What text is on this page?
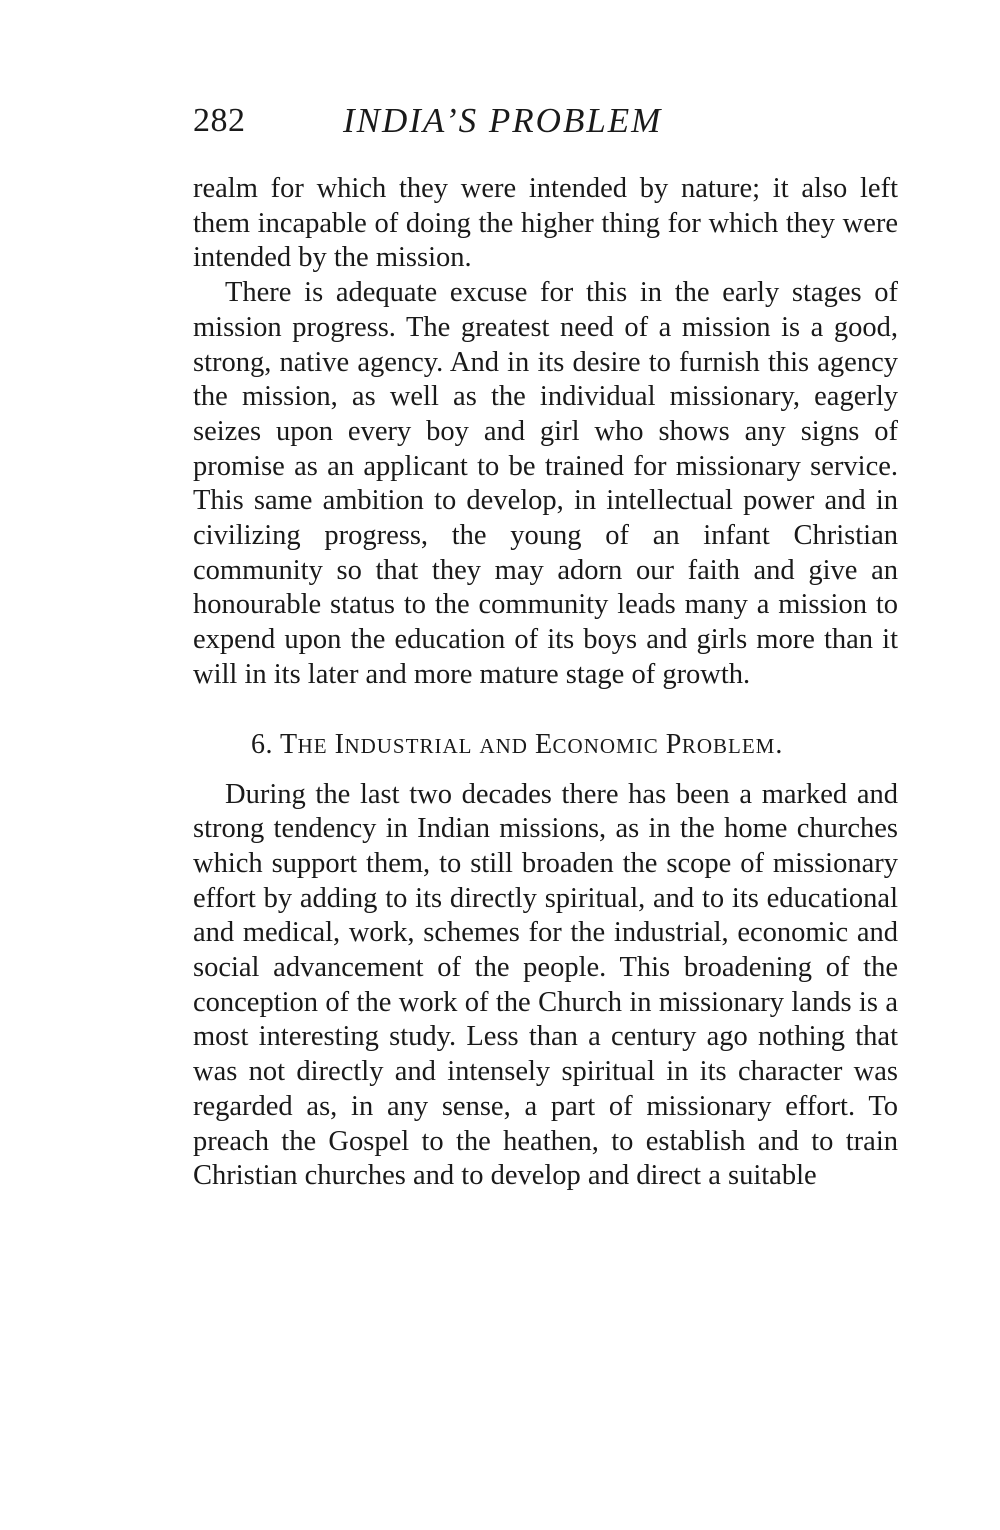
282	INDIA’S PROBLEM

realm for which they were intended by nature; it also left them incapable of doing the higher thing for which they were intended by the mission.

There is adequate excuse for this in the early stages of mission progress. The greatest need of a mission is a good, strong, native agency. And in its desire to furnish this agency the mission, as well as the individual missionary, eagerly seizes upon every boy and girl who shows any signs of promise as an applicant to be trained for missionary service. This same ambition to develop, in intellectual power and in civilizing progress, the young of an infant Christian community so that they may adorn our faith and give an honourable status to the community leads many a mission to expend upon the education of its boys and girls more than it will in its later and more mature stage of growth.

6. THE INDUSTRIAL AND ECONOMIC PROBLEM.

During the last two decades there has been a marked and strong tendency in Indian missions, as in the home churches which support them, to still broaden the scope of missionary effort by adding to its directly spiritual, and to its educational and medical, work, schemes for the industrial, economic and social advancement of the people. This broadening of the conception of the work of the Church in missionary lands is a most interesting study. Less than a century ago nothing that was not directly and intensely spiritual in its character was regarded as, in any sense, a part of missionary effort. To preach the Gospel to the heathen, to establish and to train Christian churches and to develop and direct a suitable
